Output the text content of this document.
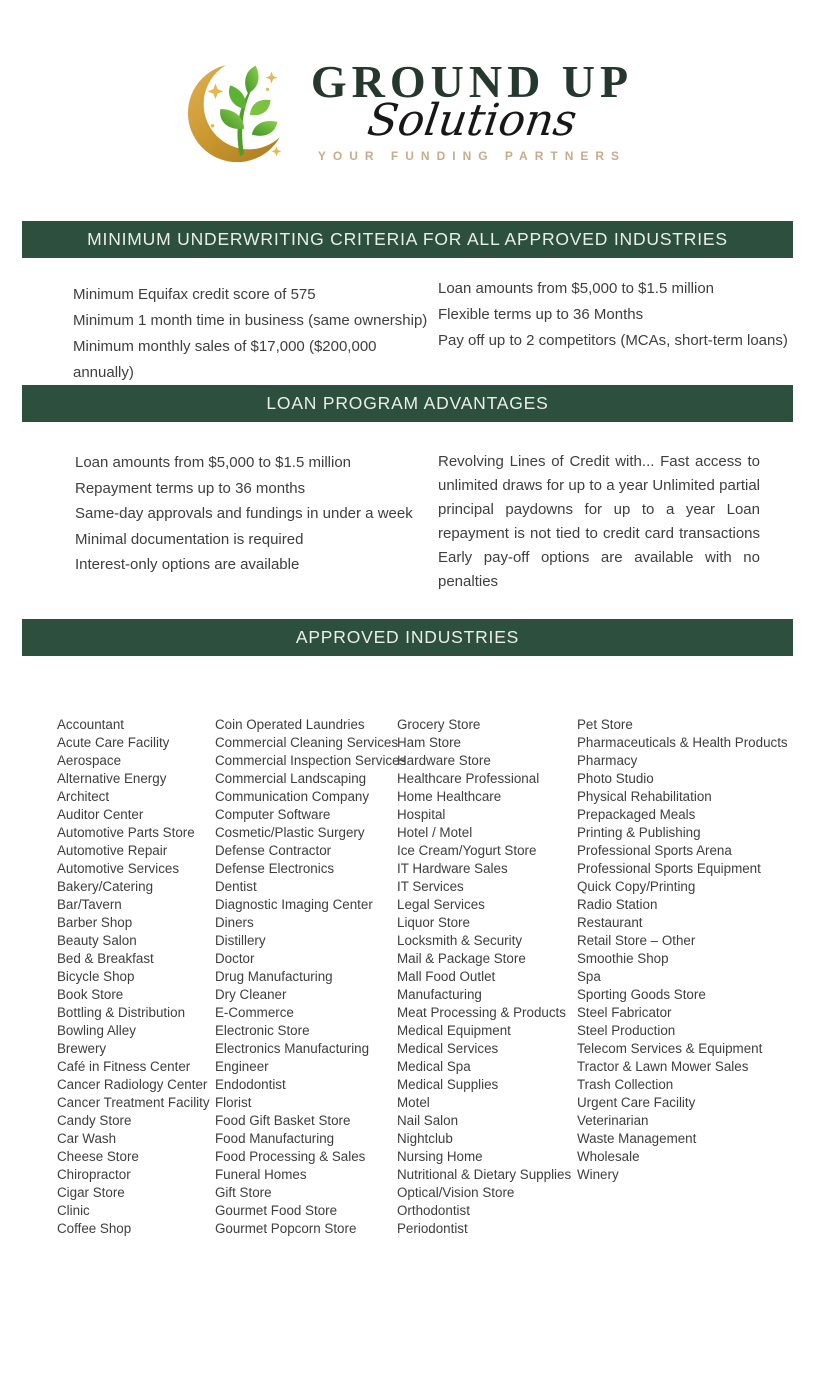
GROUND UP
Solutions
YOUR FUNDING PARTNERS
MINIMUM UNDERWRITING CRITERIA FOR ALL APPROVED INDUSTRIES
Minimum Equifax credit score of 575
Minimum 1 month time in business (same ownership)
Minimum monthly sales of $17,000 ($200,000 annually)
Loan amounts from $5,000 to $1.5 million
Flexible terms up to 36 Months
Pay off up to 2 competitors (MCAs, short-term loans)
LOAN PROGRAM ADVANTAGES
Loan amounts from $5,000 to $1.5 million
Repayment terms up to 36 months
Same-day approvals and fundings in under a week
Minimal documentation is required
Interest-only options are available
Revolving Lines of Credit with... Fast access to unlimited draws for up to a year Unlimited partial principal paydowns for up to a year Loan repayment is not tied to credit card transactions Early pay-off options are available with no penalties
APPROVED INDUSTRIES
Accountant
Acute Care Facility
Aerospace
Alternative Energy
Architect
Auditor Center
Automotive Parts Store
Automotive Repair
Automotive Services
Bakery/Catering
Bar/Tavern
Barber Shop
Beauty Salon
Bed & Breakfast
Bicycle Shop
Book Store
Bottling & Distribution
Bowling Alley
Brewery
Café in Fitness Center
Cancer Radiology Center
Cancer Treatment Facility
Candy Store
Car Wash
Cheese Store
Chiropractor
Cigar Store
Clinic
Coffee Shop
Coin Operated Laundries
Commercial Cleaning Services
Commercial Inspection Services
Commercial Landscaping
Communication Company
Computer Software
Cosmetic/Plastic Surgery
Defense Contractor
Defense Electronics
Dentist
Diagnostic Imaging Center
Diners
Distillery
Doctor
Drug Manufacturing
Dry Cleaner
E-Commerce
Electronic Store
Electronics Manufacturing
Engineer
Endodontist
Florist
Food Gift Basket Store
Food Manufacturing
Food Processing & Sales
Funeral Homes
Gift Store
Gourmet Food Store
Gourmet Popcorn Store
Grocery Store
Ham Store
Hardware Store
Healthcare Professional
Home Healthcare
Hospital
Hotel / Motel
Ice Cream/Yogurt Store
IT Hardware Sales
IT Services
Legal Services
Liquor Store
Locksmith & Security
Mail & Package Store
Mall Food Outlet
Manufacturing
Meat Processing & Products
Medical Equipment
Medical Services
Medical Spa
Medical Supplies
Motel
Nail Salon
Nightclub
Nursing Home
Nutritional & Dietary Supplies
Optical/Vision Store
Orthodontist
Periodontist
Pet Store
Pharmaceuticals & Health Products
Pharmacy
Photo Studio
Physical Rehabilitation
Prepackaged Meals
Printing & Publishing
Professional Sports Arena
Professional Sports Equipment
Quick Copy/Printing
Radio Station
Restaurant
Retail Store – Other
Smoothie Shop
Spa
Sporting Goods Store
Steel Fabricator
Steel Production
Telecom Services & Equipment
Tractor & Lawn Mower Sales
Trash Collection
Urgent Care Facility
Veterinarian
Waste Management
Wholesale
Winery
